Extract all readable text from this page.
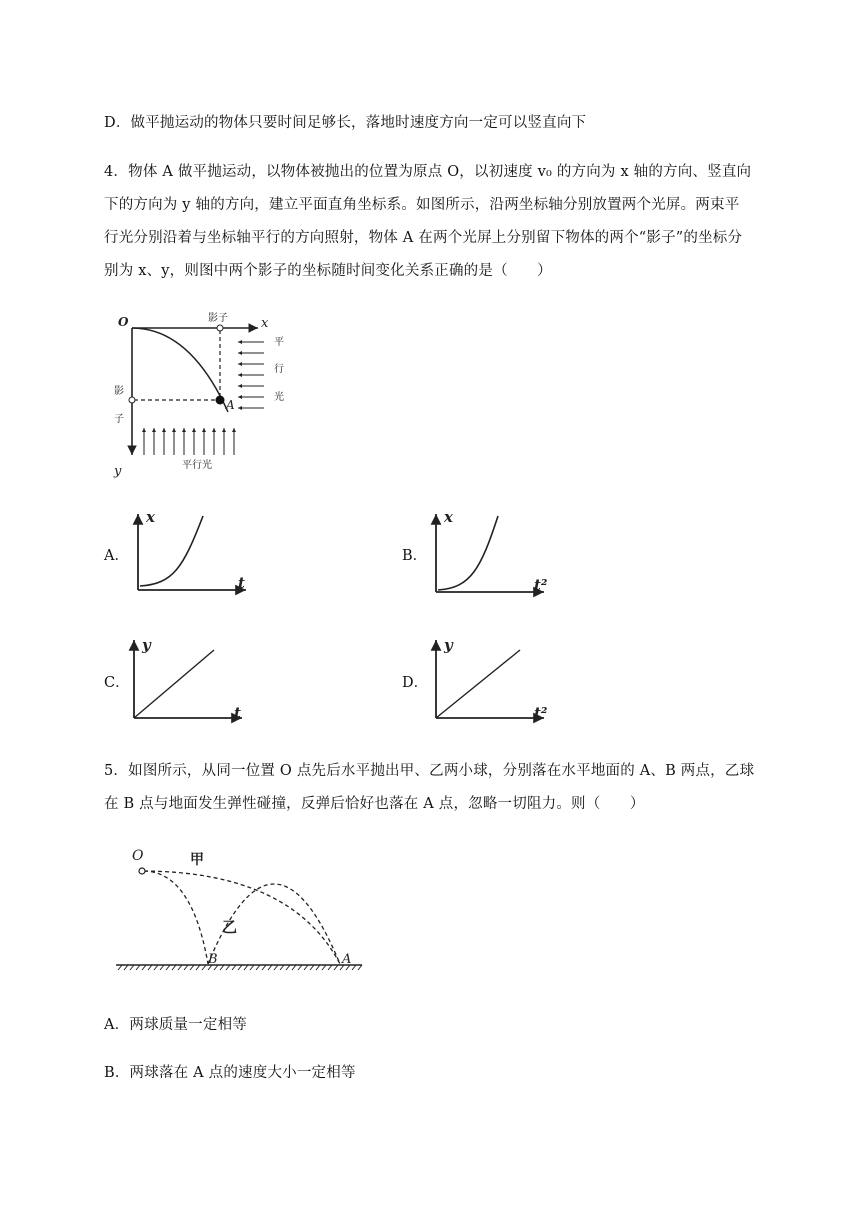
D．做平抛运动的物体只要时间足够长，落地时速度方向一定可以竖直向下
4．物体 A 做平抛运动，以物体被抛出的位置为原点 O，以初速度 v₀ 的方向为 x 轴的方向、竖直向
下的方向为 y 轴的方向，建立平面直角坐标系。如图所示，沿两坐标轴分别放置两个光屏。两束平
行光分别沿着与坐标轴平行的方向照射，物体 A 在两个光屏上分别留下物体的两个“影子”的坐标分
别为 x、y，则图中两个影子的坐标随时间变化关系正确的是（　　）
O	x
y
影子
影
子
A
平
行
光
平行光
A．	B．
C．	D．
x
t
x
t²
y
t
y
t²
5．如图所示，从同一位置 O 点先后水平抛出甲、乙两小球，分别落在水平地面的 A、B 两点，乙球
在 B 点与地面发生弹性碰撞，反弹后恰好也落在 A 点，忽略一切阻力。则（　　）
O	甲
乙
B	A
A．两球质量一定相等
B．两球落在 A 点的速度大小一定相等
